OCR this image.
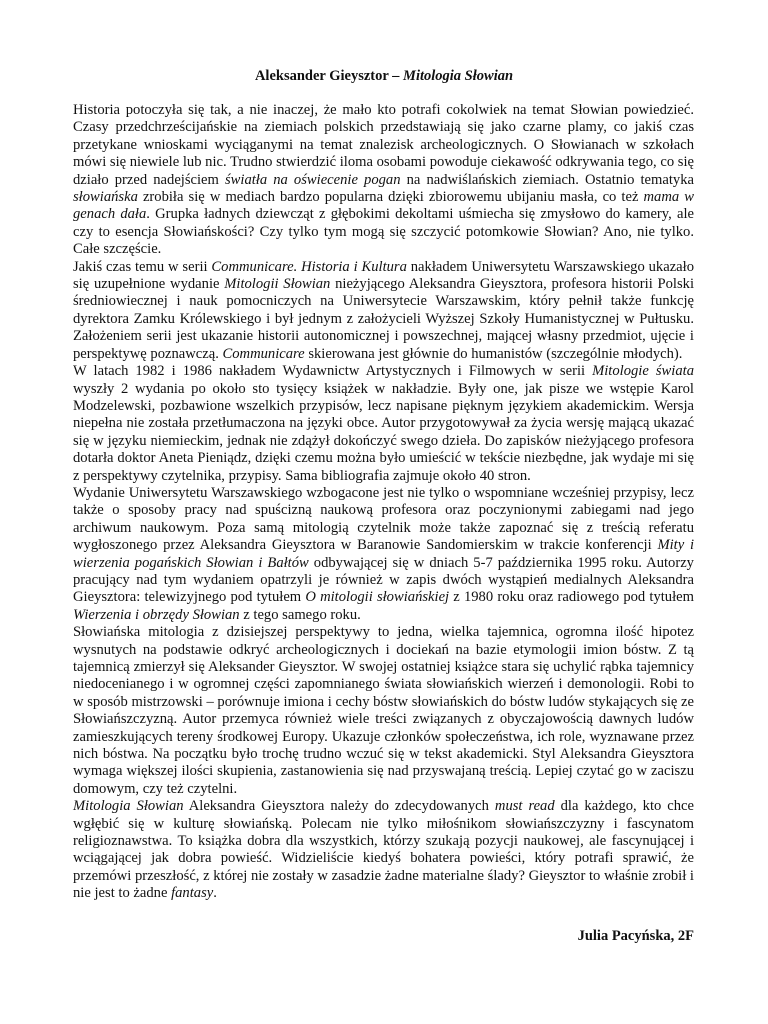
Aleksander Gieysztor – Mitologia Słowian

Historia potoczyła się tak, a nie inaczej, że mało kto potrafi cokolwiek na temat Słowian powiedzieć. Czasy przedchrześcijańskie na ziemiach polskich przedstawiają się jako czarne plamy, co jakiś czas przetykane wnioskami wyciąganymi na temat znalezisk archeologicznych. O Słowianach w szkołach mówi się niewiele lub nic. Trudno stwierdzić iloma osobami powoduje ciekawość odkrywania tego, co się działo przed nadejściem światła na oświecenie pogan na nadwiślańskich ziemiach. Ostatnio tematyka słowiańska zrobiła się w mediach bardzo popularna dzięki zbiorowemu ubijaniu masła, co też mama w genach dała. Grupka ładnych dziewcząt z głębokimi dekoltami uśmiecha się zmysłowo do kamery, ale czy to esencja Słowiańskości? Czy tylko tym mogą się szczycić potomkowie Słowian? Ano, nie tylko. Całe szczęście.

Jakiś czas temu w serii Communicare. Historia i Kultura nakładem Uniwersytetu Warszawskiego ukazało się uzupełnione wydanie Mitologii Słowian nieżyjącego Aleksandra Gieysztora, profesora historii Polski średniowiecznej i nauk pomocniczych na Uniwersytecie Warszawskim, który pełnił także funkcję dyrektora Zamku Królewskiego i był jednym z założycieli Wyższej Szkoły Humanistycznej w Pułtusku. Założeniem serii jest ukazanie historii autonomicznej i powszechnej, mającej własny przedmiot, ujęcie i perspektywę poznawczą. Communicare skierowana jest głównie do humanistów (szczególnie młodych).

W latach 1982 i 1986 nakładem Wydawnictw Artystycznych i Filmowych w serii Mitologie świata wyszły 2 wydania po około sto tysięcy książek w nakładzie. Były one, jak pisze we wstępie Karol Modzelewski, pozbawione wszelkich przypisów, lecz napisane pięknym językiem akademickim. Wersja niepełna nie została przetłumaczona na języki obce. Autor przygotowywał za życia wersję mającą ukazać się w języku niemieckim, jednak nie zdążył dokończyć swego dzieła. Do zapisków nieżyjącego profesora dotarła doktor Aneta Pieniądz, dzięki czemu można było umieścić w tekście niezbędne, jak wydaje mi się z perspektywy czytelnika, przypisy. Sama bibliografia zajmuje około 40 stron.

Wydanie Uniwersytetu Warszawskiego wzbogacone jest nie tylko o wspomniane wcześniej przypisy, lecz także o sposoby pracy nad spuścizną naukową profesora oraz poczynionymi zabiegami nad jego archiwum naukowym. Poza samą mitologią czytelnik może także zapoznać się z treścią referatu wygłoszonego przez Aleksandra Gieysztora w Baranowie Sandomierskim w trakcie konferencji Mity i wierzenia pogańskich Słowian i Bałtów odbywającej się w dniach 5-7 października 1995 roku. Autorzy pracujący nad tym wydaniem opatrzyli je również w zapis dwóch wystąpień medialnych Aleksandra Gieysztora: telewizyjnego pod tytułem O mitologii słowiańskiej z 1980 roku oraz radiowego pod tytułem Wierzenia i obrzędy Słowian z tego samego roku.

Słowiańska mitologia z dzisiejszej perspektywy to jedna, wielka tajemnica, ogromna ilość hipotez wysnutych na podstawie odkryć archeologicznych i dociekań na bazie etymologii imion bóstw. Z tą tajemnicą zmierzył się Aleksander Gieysztor. W swojej ostatniej książce stara się uchylić rąbka tajemnicy niedocenianego i w ogromnej części zapomnianego świata słowiańskich wierzeń i demonologii. Robi to w sposób mistrzowski – porównuje imiona i cechy bóstw słowiańskich do bóstw ludów stykających się ze Słowiańszczyzną. Autor przemyca również wiele treści związanych z obyczajowością dawnych ludów zamieszkujących tereny środkowej Europy. Ukazuje członków społeczeństwa, ich role, wyznawane przez nich bóstwa. Na początku było trochę trudno wczuć się w tekst akademicki. Styl Aleksandra Gieysztora wymaga większej ilości skupienia, zastanowienia się nad przyswajaną treścią. Lepiej czytać go w zaciszu domowym, czy też czytelni.

Mitologia Słowian Aleksandra Gieysztora należy do zdecydowanych must read dla każdego, kto chce wgłębić się w kulturę słowiańską. Polecam nie tylko miłośnikom słowiańszczyzny i fascynatom religioznawstwa. To książka dobra dla wszystkich, którzy szukają pozycji naukowej, ale fascynującej i wciągającej jak dobra powieść. Widzieliście kiedyś bohatera powieści, który potrafi sprawić, że przemówi przeszłość, z której nie zostały w zasadzie żadne materialne ślady? Gieysztor to właśnie zrobił i nie jest to żadne fantasy.

Julia Pacyńska, 2F
